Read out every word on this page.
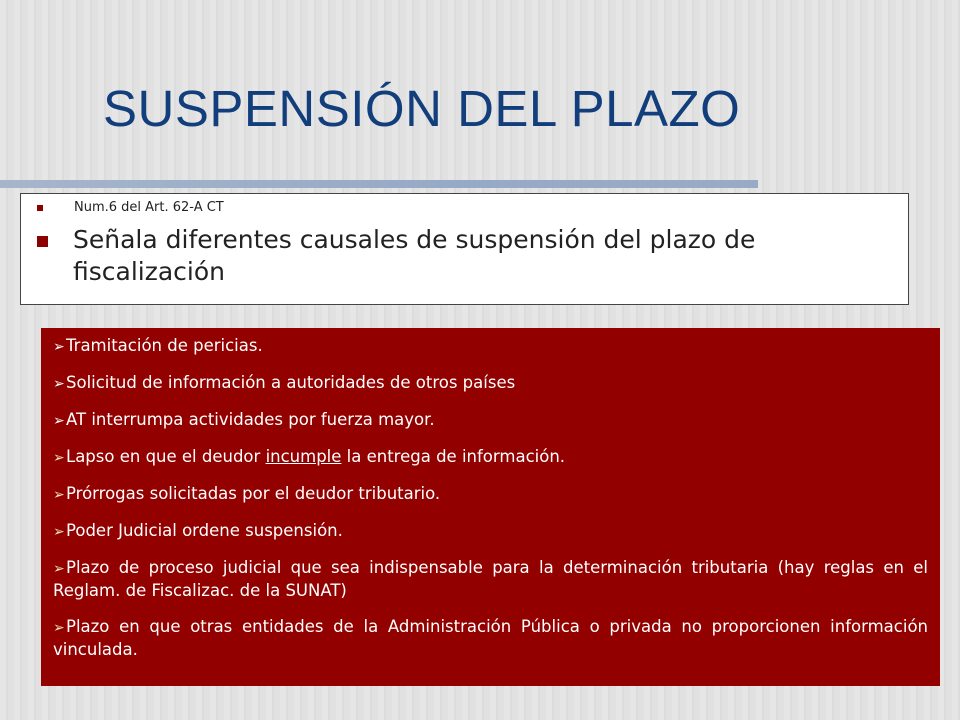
SUSPENSIÓN DEL PLAZO
Num.6 del Art. 62-A CT
Señala diferentes causales de suspensión del plazo de fiscalización
➢Tramitación de pericias.
➢Solicitud de información a autoridades de otros países
➢AT interrumpa actividades por fuerza mayor.
➢Lapso en que el deudor incumple la entrega de información.
➢Prórrogas solicitadas por el deudor tributario.
➢Poder Judicial ordene suspensión.
➢Plazo de proceso judicial que sea indispensable para la determinación tributaria (hay reglas en el Reglam. de Fiscalizac. de la SUNAT)
➢Plazo en que otras entidades de la Administración Pública o privada no proporcionen información vinculada.
